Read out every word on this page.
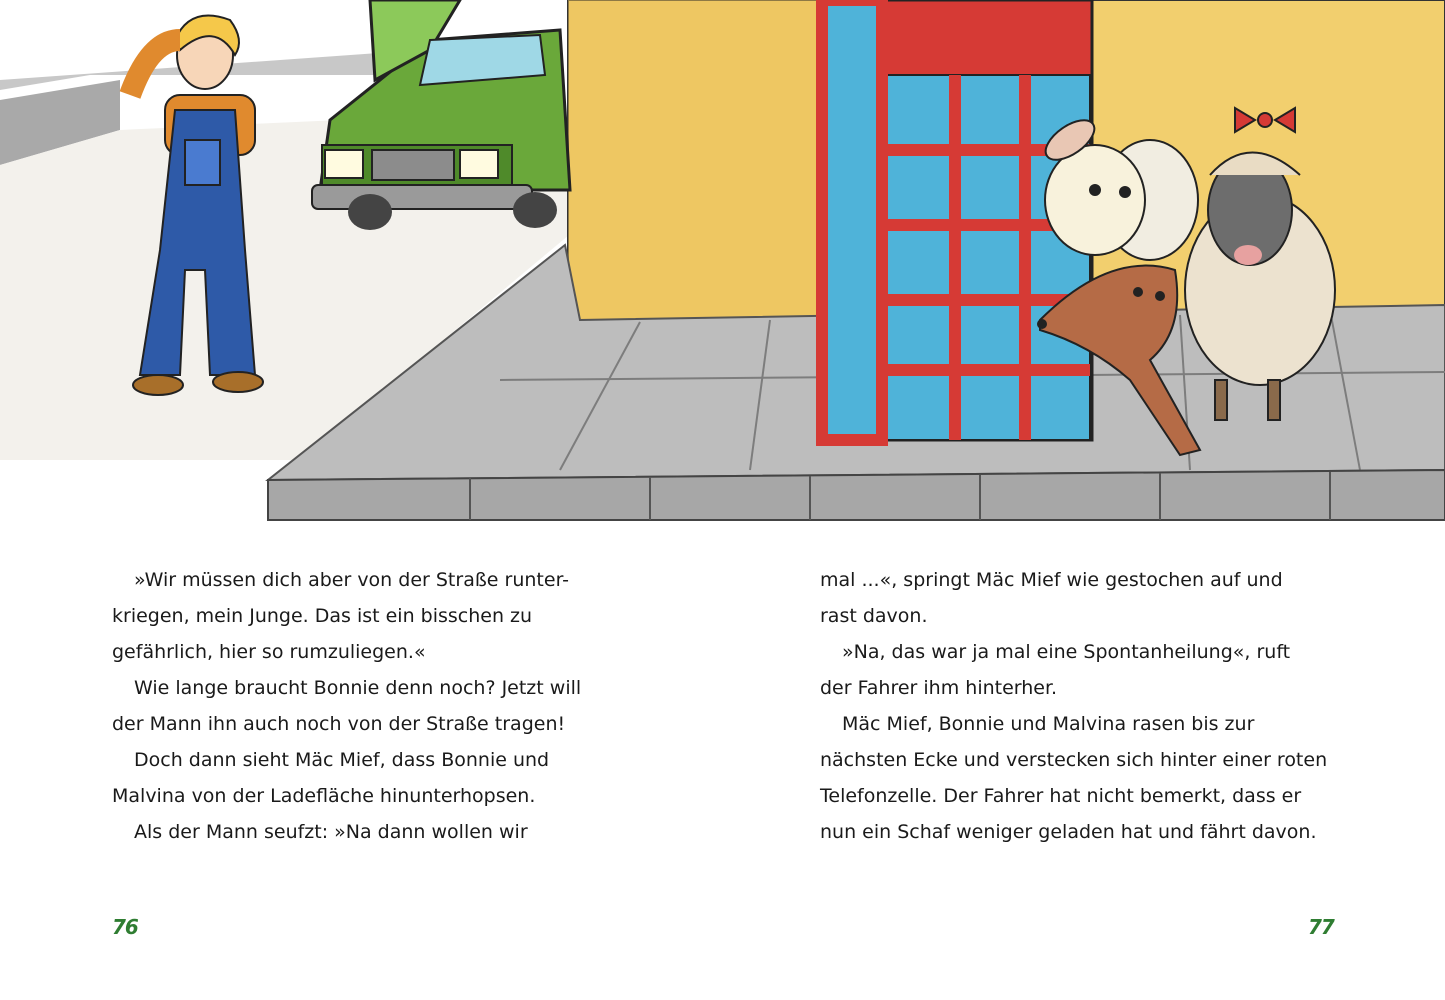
»Wir müssen dich aber von der Straße runter-
kriegen, mein Junge. Das ist ein bisschen zu
gefährlich, hier so rumzuliegen.«
Wie lange braucht Bonnie denn noch? Jetzt will
der Mann ihn auch noch von der Straße tragen!
Doch dann sieht Mäc Mief, dass Bonnie und
Malvina von der Ladefläche hinunterhopsen.
Als der Mann seufzt: »Na dann wollen wir
mal ...«, springt Mäc Mief wie gestochen auf und
rast davon.
»Na, das war ja mal eine Spontanheilung«, ruft
der Fahrer ihm hinterher.
Mäc Mief, Bonnie und Malvina rasen bis zur
nächsten Ecke und verstecken sich hinter einer roten
Telefonzelle. Der Fahrer hat nicht bemerkt, dass er
nun ein Schaf weniger geladen hat und fährt davon.
76	77
